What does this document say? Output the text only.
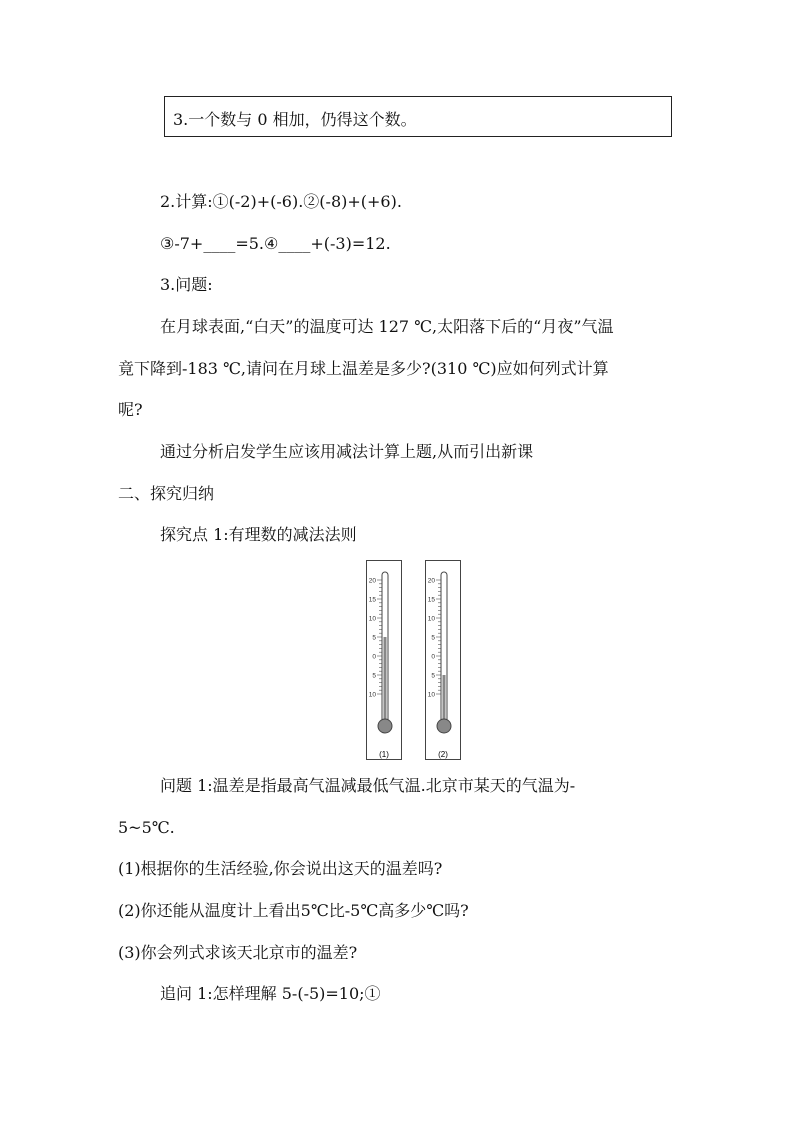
3.一个数与 0 相加，仍得这个数。
2.计算:①(-2)+(-6).②(-8)+(+6).
③-7+____=5.④____+(-3)=12.
3.问题:
在月球表面,“白天”的温度可达 127 ℃,太阳落下后的“月夜”气温
竟下降到-183 ℃,请问在月球上温差是多少?(310 ℃)应如何列式计算
呢?
通过分析启发学生应该用减法计算上题,从而引出新课
二、探究归纳
探究点 1:有理数的减法法则
20
15
10
5
0
5
10
(1)
20
15
10
5
0
5
10
(2)
问题 1:温差是指最高气温减最低气温.北京市某天的气温为-
5~5℃.
(1)根据你的生活经验,你会说出这天的温差吗?
(2)你还能从温度计上看出5℃比-5℃高多少℃吗?
(3)你会列式求该天北京市的温差?
追问 1:怎样理解 5-(-5)=10;①
